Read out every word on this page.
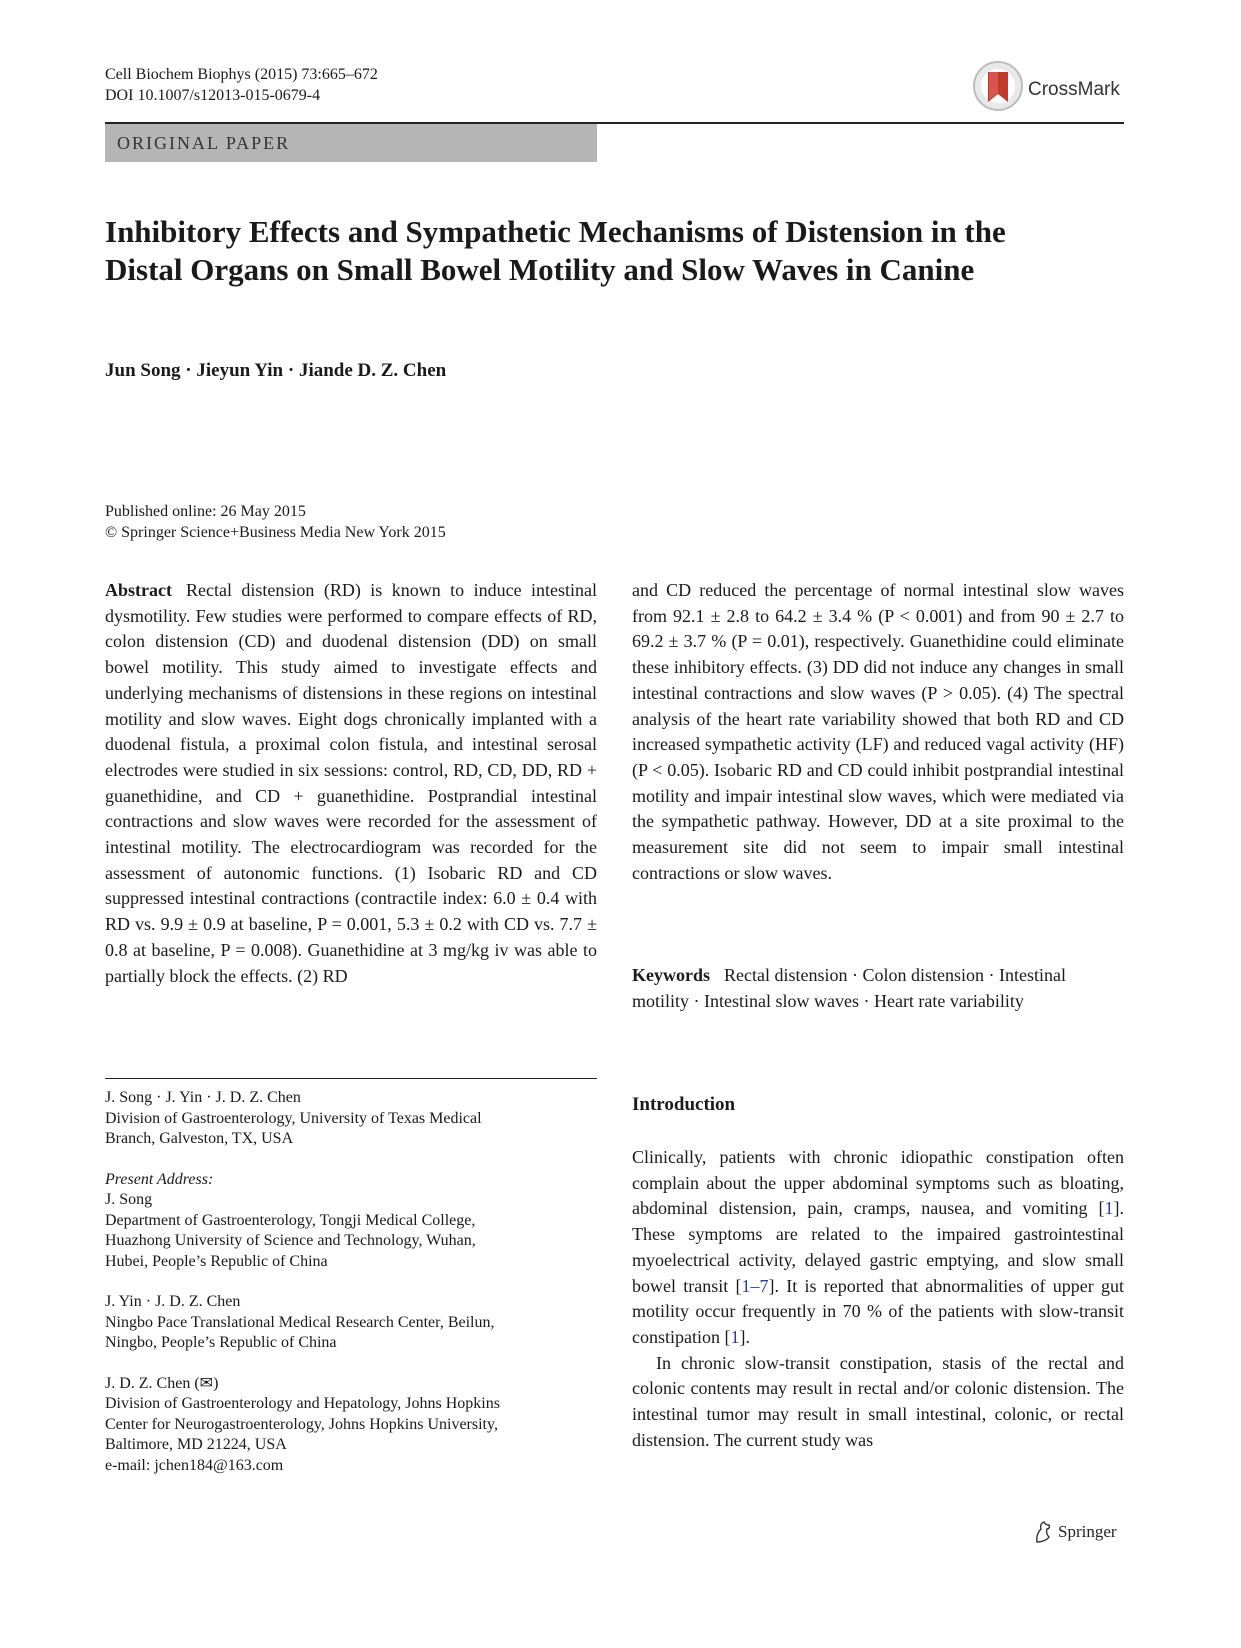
Cell Biochem Biophys (2015) 73:665–672
DOI 10.1007/s12013-015-0679-4	CrossMark
ORIGINAL PAPER
Inhibitory Effects and Sympathetic Mechanisms of Distension in the Distal Organs on Small Bowel Motility and Slow Waves in Canine
Jun Song · Jieyun Yin · Jiande D. Z. Chen
Published online: 26 May 2015
© Springer Science+Business Media New York 2015
Abstract Rectal distension (RD) is known to induce intestinal dysmotility. Few studies were performed to compare effects of RD, colon distension (CD) and duodenal distension (DD) on small bowel motility. This study aimed to investigate effects and underlying mechanisms of distensions in these regions on intestinal motility and slow waves. Eight dogs chronically implanted with a duodenal fistula, a proximal colon fistula, and intestinal serosal electrodes were studied in six sessions: control, RD, CD, DD, RD + guanethidine, and CD + guanethidine. Postprandial intestinal contractions and slow waves were recorded for the assessment of intestinal motility. The electrocardiogram was recorded for the assessment of autonomic functions. (1) Isobaric RD and CD suppressed intestinal contractions (contractile index: 6.0 ± 0.4 with RD vs. 9.9 ± 0.9 at baseline, P = 0.001, 5.3 ± 0.2 with CD vs. 7.7 ± 0.8 at baseline, P = 0.008). Guanethidine at 3 mg/kg iv was able to partially block the effects. (2) RD
and CD reduced the percentage of normal intestinal slow waves from 92.1 ± 2.8 to 64.2 ± 3.4 % (P < 0.001) and from 90 ± 2.7 to 69.2 ± 3.7 % (P = 0.01), respectively. Guanethidine could eliminate these inhibitory effects. (3) DD did not induce any changes in small intestinal contractions and slow waves (P > 0.05). (4) The spectral analysis of the heart rate variability showed that both RD and CD increased sympathetic activity (LF) and reduced vagal activity (HF) (P < 0.05). Isobaric RD and CD could inhibit postprandial intestinal motility and impair intestinal slow waves, which were mediated via the sympathetic pathway. However, DD at a site proximal to the measurement site did not seem to impair small intestinal contractions or slow waves.
Keywords Rectal distension · Colon distension · Intestinal motility · Intestinal slow waves · Heart rate variability
J. Song · J. Yin · J. D. Z. Chen
Division of Gastroenterology, University of Texas Medical
Branch, Galveston, TX, USA
Present Address:
J. Song
Department of Gastroenterology, Tongji Medical College,
Huazhong University of Science and Technology, Wuhan,
Hubei, People’s Republic of China
J. Yin · J. D. Z. Chen
Ningbo Pace Translational Medical Research Center, Beilun,
Ningbo, People’s Republic of China
J. D. Z. Chen (✉)
Division of Gastroenterology and Hepatology, Johns Hopkins
Center for Neurogastroenterology, Johns Hopkins University,
Baltimore, MD 21224, USA
e-mail: jchen184@163.com
Introduction

Clinically, patients with chronic idiopathic constipation often complain about the upper abdominal symptoms such as bloating, abdominal distension, pain, cramps, nausea, and vomiting [1]. These symptoms are related to the impaired gastrointestinal myoelectrical activity, delayed gastric emptying, and slow small bowel transit [1–7]. It is reported that abnormalities of upper gut motility occur frequently in 70 % of the patients with slow-transit constipation [1].

In chronic slow-transit constipation, stasis of the rectal and colonic contents may result in rectal and/or colonic distension. The intestinal tumor may result in small intestinal, colonic, or rectal distension. The current study was

Springer
